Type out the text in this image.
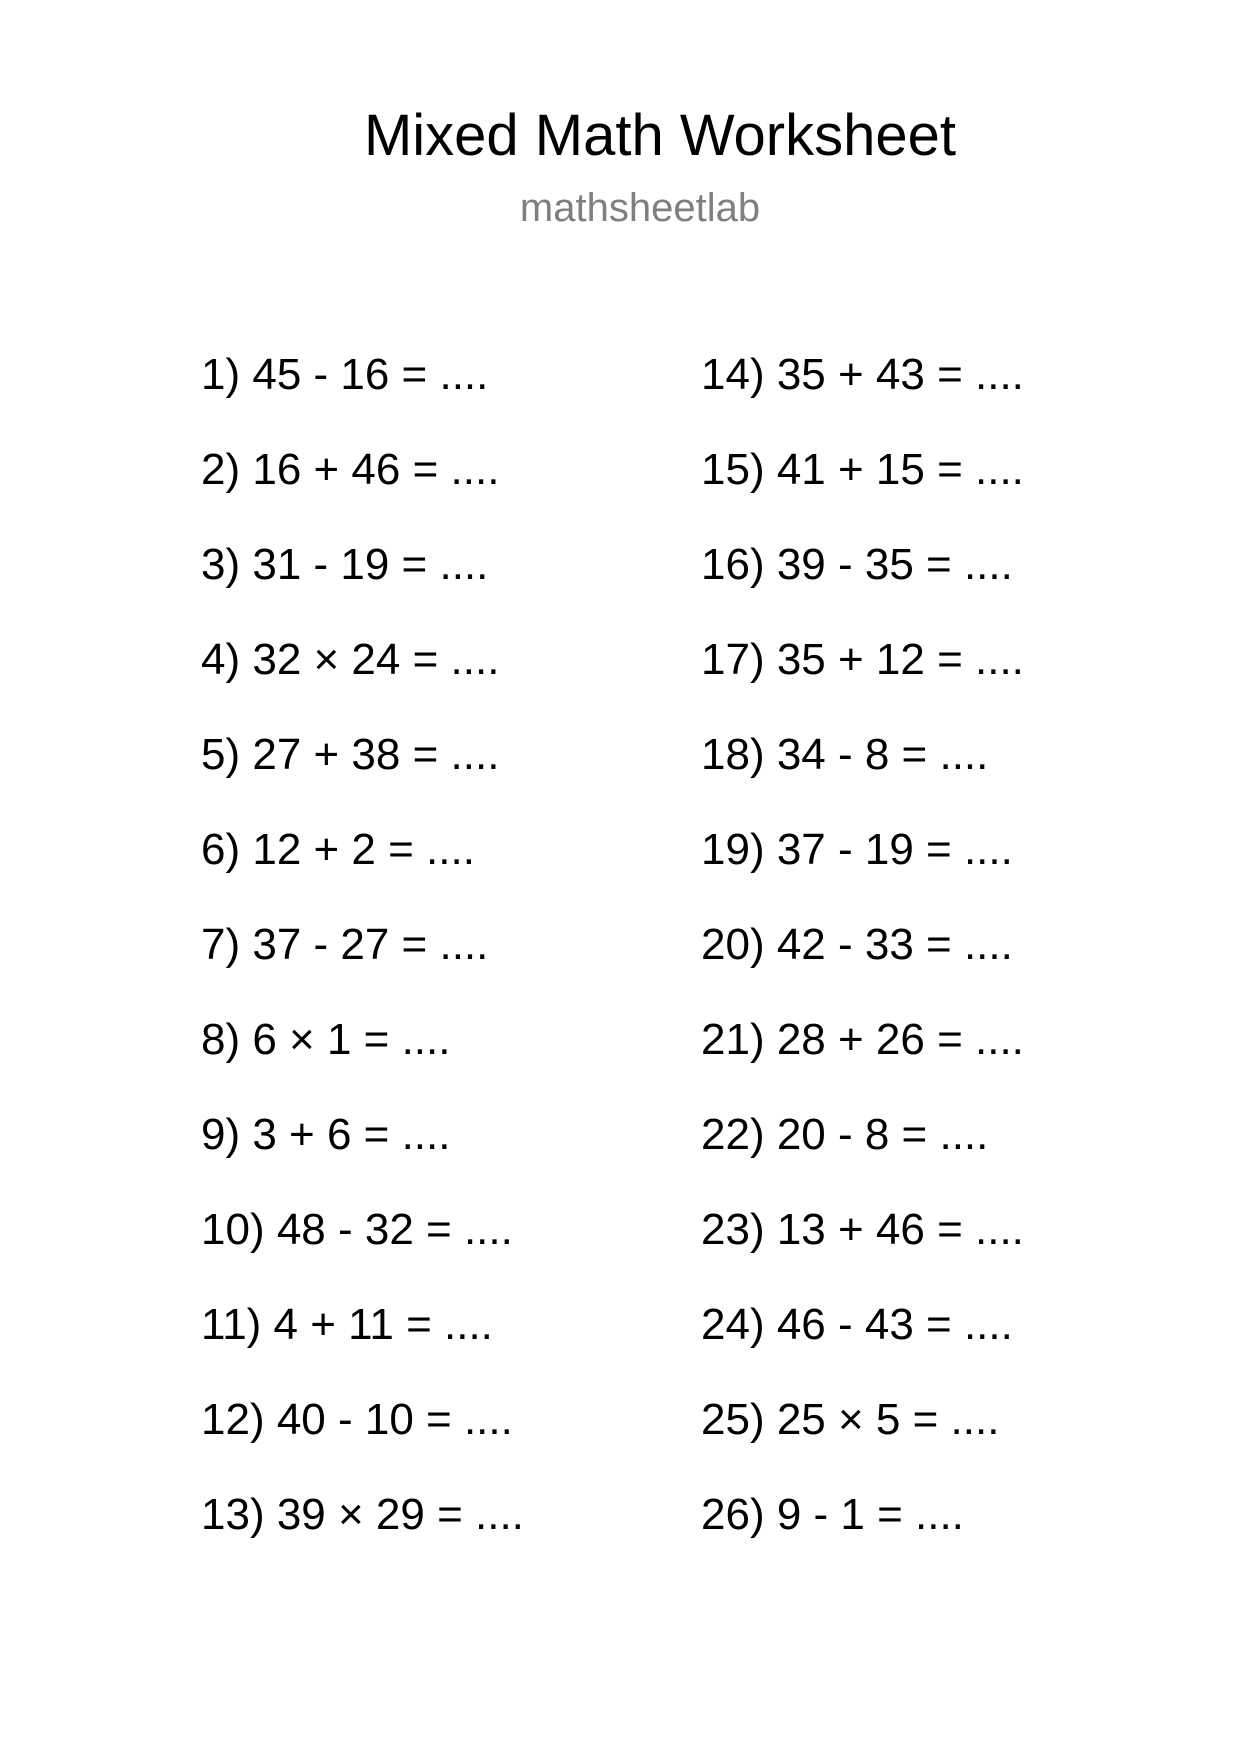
Mixed Math Worksheet
mathsheetlab
1) 45 - 16 = ....
2) 16 + 46 = ....
3) 31 - 19 = ....
4) 32 × 24 = ....
5) 27 + 38 = ....
6) 12 + 2 = ....
7) 37 - 27 = ....
8) 6 × 1 = ....
9) 3 + 6 = ....
10) 48 - 32 = ....
11) 4 + 11 = ....
12) 40 - 10 = ....
13) 39 × 29 = ....
14) 35 + 43 = ....
15) 41 + 15 = ....
16) 39 - 35 = ....
17) 35 + 12 = ....
18) 34 - 8 = ....
19) 37 - 19 = ....
20) 42 - 33 = ....
21) 28 + 26 = ....
22) 20 - 8 = ....
23) 13 + 46 = ....
24) 46 - 43 = ....
25) 25 × 5 = ....
26) 9 - 1 = ....
